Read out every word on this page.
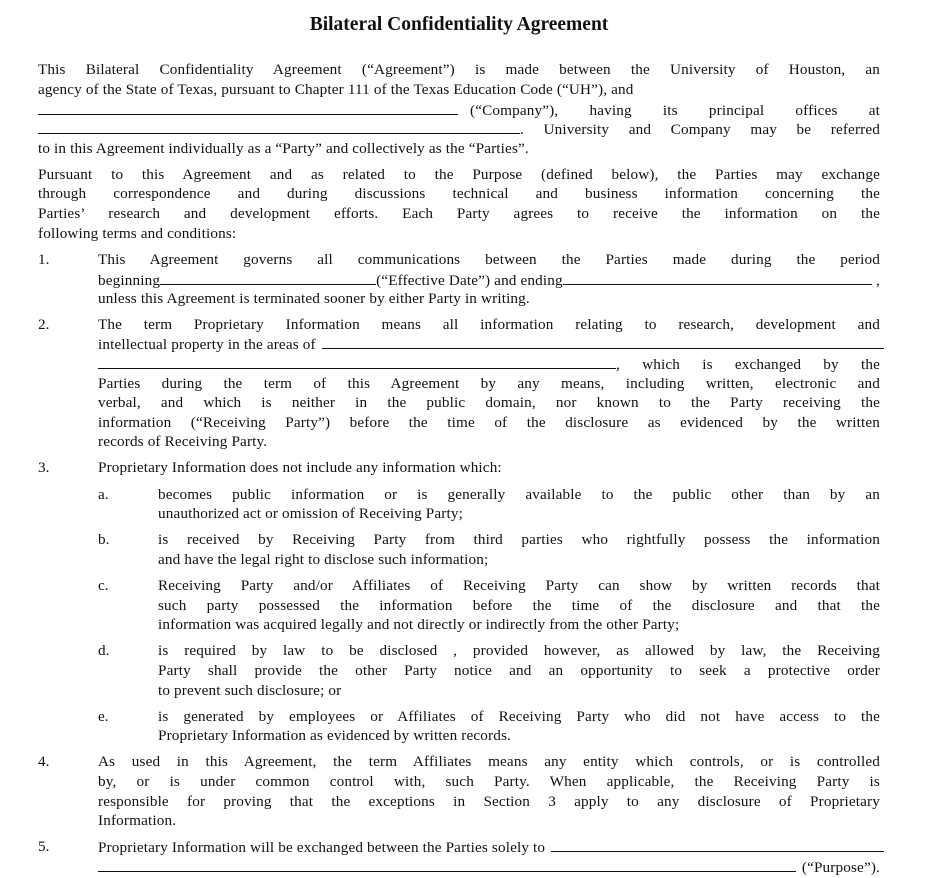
Bilateral Confidentiality Agreement
This Bilateral Confidentiality Agreement (“Agreement”) is made between the University of Houston, an
agency of the State of Texas, pursuant to Chapter 111 of the Texas Education Code (“UH”), and
(“Company”), having its principal offices at
. University and Company may be referred
to in this Agreement individually as a “Party” and collectively as the “Parties”.
Pursuant to this Agreement and as related to the Purpose (defined below), the Parties may exchange
through correspondence and during discussions technical and business information concerning the
Parties’ research and development efforts. Each Party agrees to receive the information on the
following terms and conditions:
1.	This Agreement governs all communications between the Parties made during the period
beginning	(“Effective Date”) and ending	,
unless this Agreement is terminated sooner by either Party in writing.
2.	The term Proprietary Information means all information relating to research, development and
intellectual property in the areas of
, which is exchanged by the
Parties during the term of this Agreement by any means, including written, electronic and
verbal, and which is neither in the public domain, nor known to the Party receiving the
information (“Receiving Party”) before the time of the disclosure as evidenced by the written
records of Receiving Party.
3.	Proprietary Information does not include any information which:
a.	becomes public information or is generally available to the public other than by an
unauthorized act or omission of Receiving Party;
b.	is received by Receiving Party from third parties who rightfully possess the information
and have the legal right to disclose such information;
c.	Receiving Party and/or Affiliates of Receiving Party can show by written records that
such party possessed the information before the time of the disclosure and that the
information was acquired legally and not directly or indirectly from the other Party;
d.	is required by law to be disclosed , provided however, as allowed by law, the Receiving
Party shall provide the other Party notice and an opportunity to seek a protective order
to prevent such disclosure; or
e.	is generated by employees or Affiliates of Receiving Party who did not have access to the
Proprietary Information as evidenced by written records.
4.	As used in this Agreement, the term Affiliates means any entity which controls, or is controlled
by, or is under common control with, such Party. When applicable, the Receiving Party is
responsible for proving that the exceptions in Section 3 apply to any disclosure of Proprietary
Information.
5.	Proprietary Information will be exchanged between the Parties solely to
(“Purpose”).
